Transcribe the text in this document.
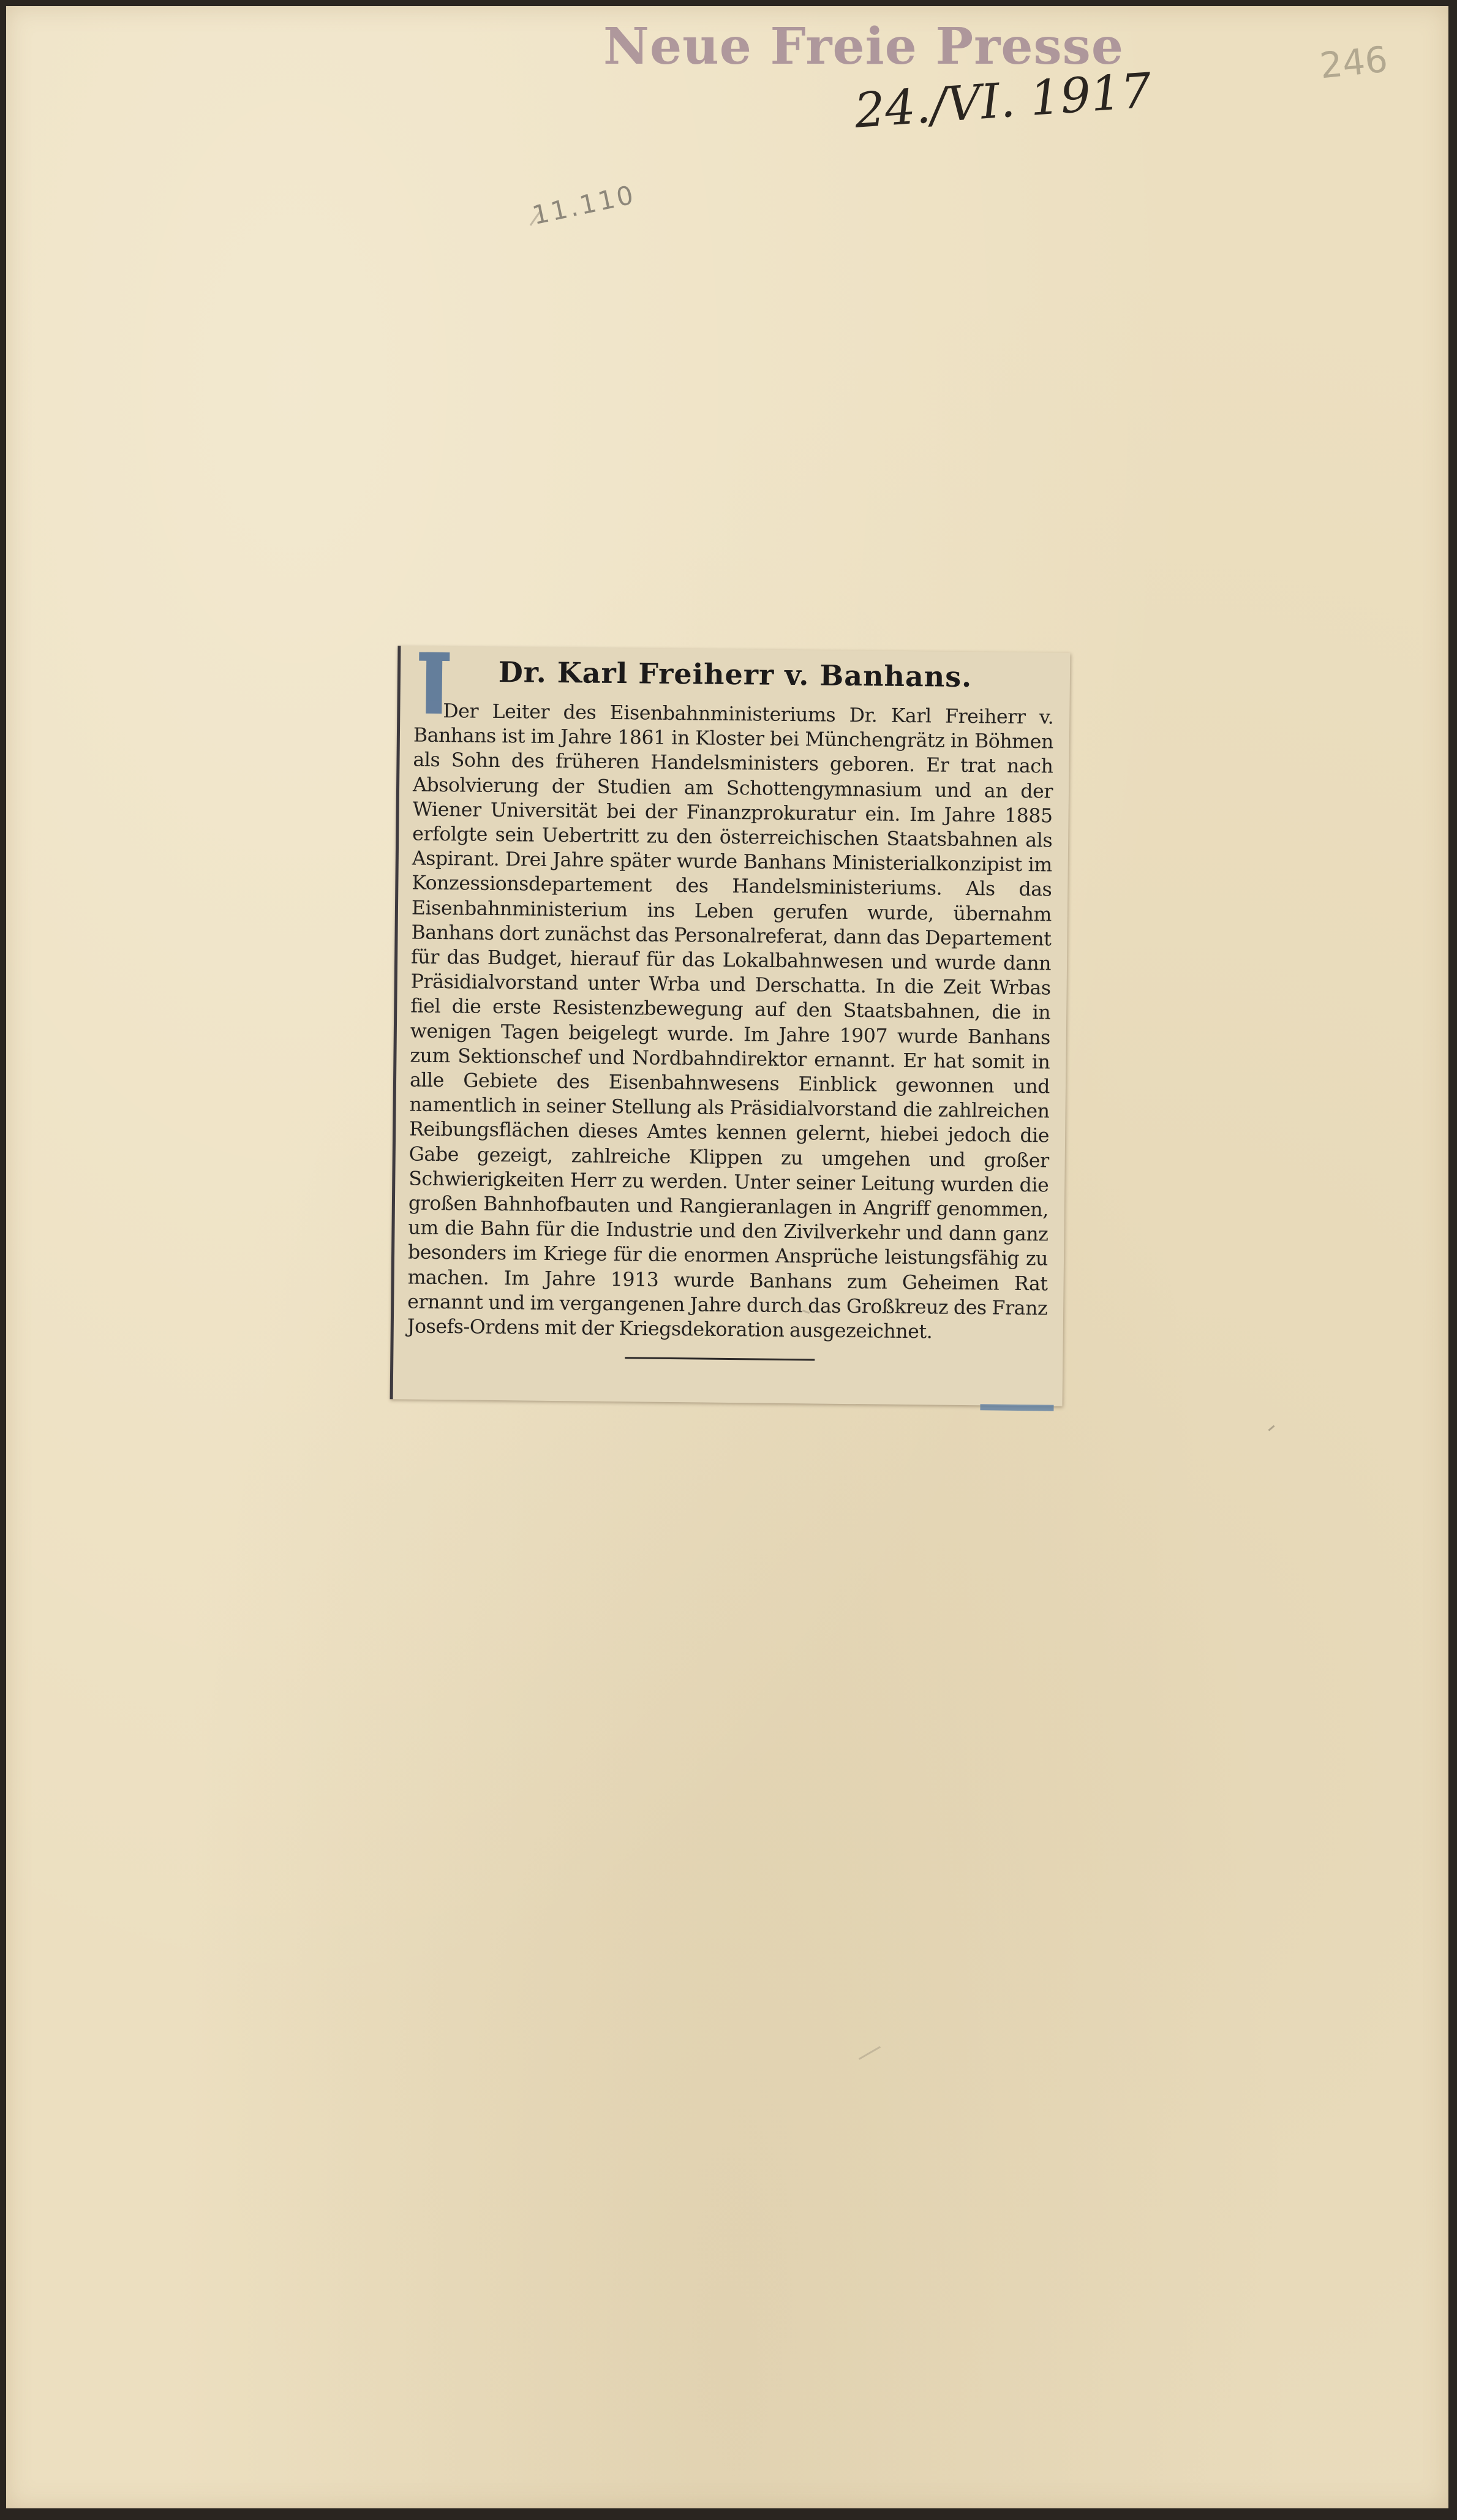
Neue Freie Presse
24./VI. 1917
246
11.110
Dr. Karl Freiherr v. Banhans.
Der Leiter des Eisenbahnministeriums Dr. Karl Freiherr v. Banhans ist im Jahre 1861 in Kloster bei Münchengrätz in Böhmen als Sohn des früheren Handelsministers geboren. Er trat nach Absolvierung der Studien am Schottengymnasium und an der Wiener Universität bei der Finanzprokuratur ein. Im Jahre 1885 erfolgte sein Uebertritt zu den österreichischen Staatsbahnen als Aspirant. Drei Jahre später wurde Banhans Ministerialkonzipist im Konzessionsdepartement des Handelsministeriums. Als das Eisenbahnministerium ins Leben gerufen wurde, übernahm Banhans dort zunächst das Personalreferat, dann das Departement für das Budget, hierauf für das Lokalbahnwesen und wurde dann Präsidialvorstand unter Wrba und Derschatta. In die Zeit Wrbas fiel die erste Resistenzbewegung auf den Staatsbahnen, die in wenigen Tagen beigelegt wurde. Im Jahre 1907 wurde Banhans zum Sektionschef und Nordbahndirektor ernannt. Er hat somit in alle Gebiete des Eisenbahnwesens Einblick gewonnen und namentlich in seiner Stellung als Präsidialvorstand die zahlreichen Reibungsflächen dieses Amtes kennen gelernt, hiebei jedoch die Gabe gezeigt, zahlreiche Klippen zu umgehen und großer Schwierigkeiten Herr zu werden. Unter seiner Leitung wurden die großen Bahnhofbauten und Rangieranlagen in Angriff genommen, um die Bahn für die Industrie und den Zivilverkehr und dann ganz besonders im Kriege für die enormen Ansprüche leistungsfähig zu machen. Im Jahre 1913 wurde Banhans zum Geheimen Rat ernannt und im vergangenen Jahre durch das Großkreuz des Franz Josefs-Ordens mit der Kriegsdekoration ausgezeichnet.
